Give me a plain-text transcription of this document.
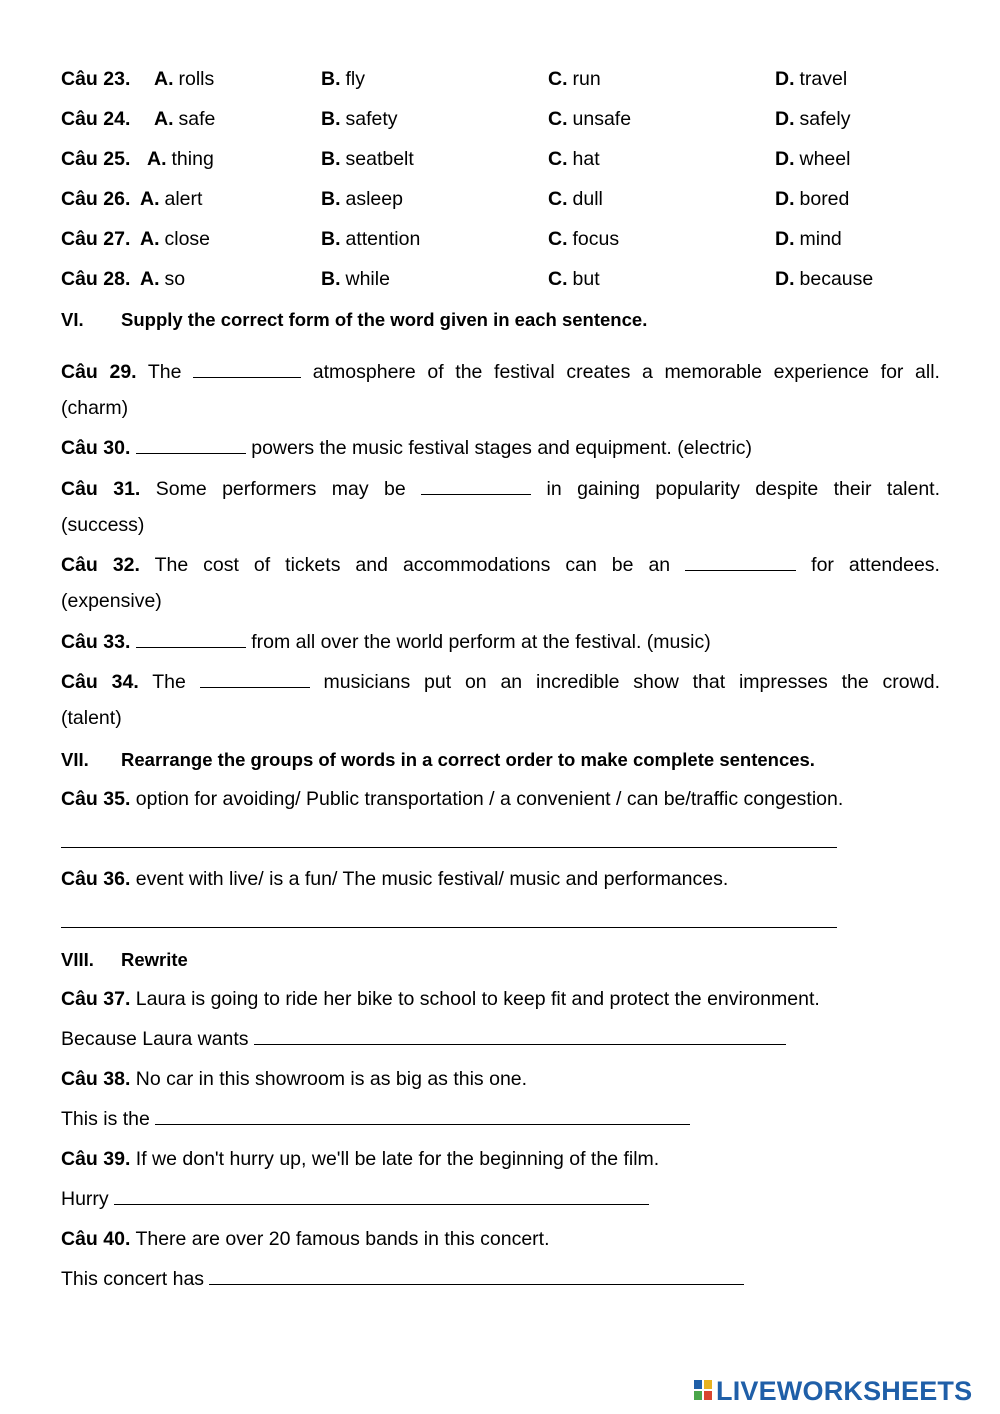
Câu 23. A. rolls	B. fly	C. run	D. travel
Câu 24. A. safe	B. safety	C. unsafe	D. safely
Câu 25. A. thing	B. seatbelt	C. hat	D. wheel
Câu 26. A. alert	B. asleep	C. dull	D. bored
Câu 27. A. close	B. attention	C. focus	D. mind
Câu 28. A. so	B. while	C. but	D. because
VI. Supply the correct form of the word given in each sentence.
Câu 29. The	atmosphere of the festival creates a memorable experience for all.
(charm)
Câu 30.	powers the music festival stages and equipment. (electric)
Câu 31. Some performers may be	in gaining popularity despite their talent.
(success)
Câu 32. The cost of tickets and accommodations can be an	for attendees.
(expensive)
Câu 33.	from all over the world perform at the festival. (music)
Câu 34. The	musicians put on an incredible show that impresses the crowd.
(talent)
VII. Rearrange the groups of words in a correct order to make complete sentences.
Câu 35. option for avoiding/ Public transportation / a convenient / can be/traffic congestion.
Câu 36. event with live/ is a fun/ The music festival/ music and performances.
VIII. Rewrite
Câu 37. Laura is going to ride her bike to school to keep fit and protect the environment.
Because Laura wants
Câu 38. No car in this showroom is as big as this one.
This is the
Câu 39. If we don't hurry up, we'll be late for the beginning of the film.
Hurry
Câu 40. There are over 20 famous bands in this concert.
This concert has
LIVEWORKSHEETS
